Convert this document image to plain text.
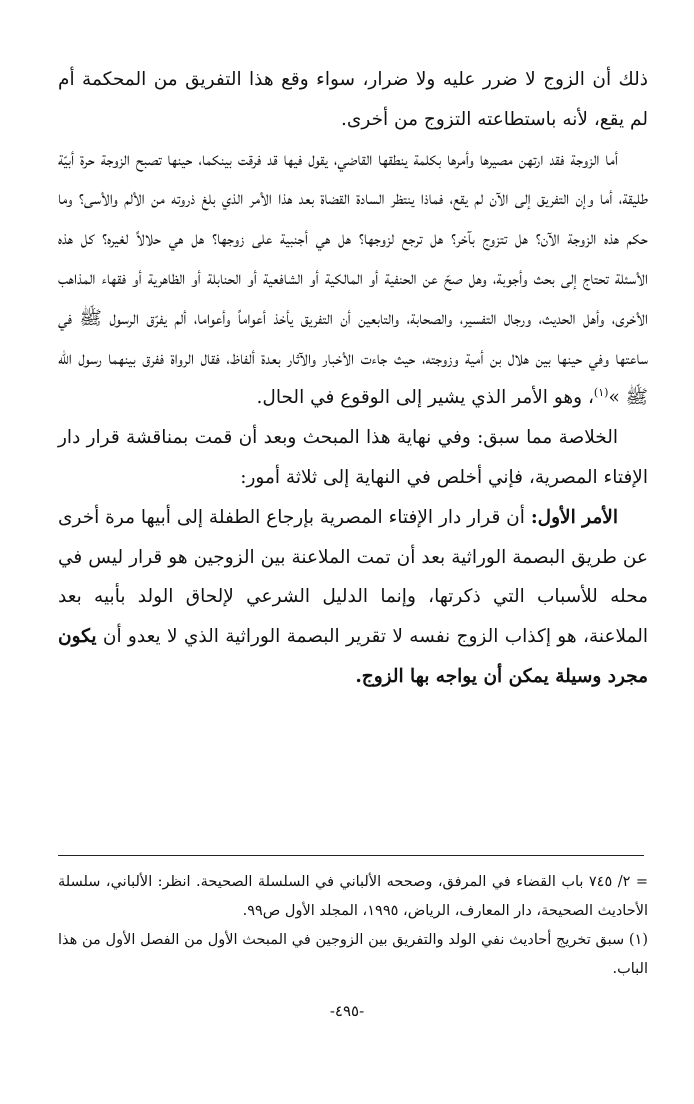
ذلك أن الزوج لا ضرر عليه ولا ضرار، سواء وقع هذا التفريق من المحكمة أم لم يقع، لأنه باستطاعته التزوج من أخرى.

أما الزوجة فقد ارتهن مصيرها وأمرها بكلمة ينطقها القاضي، يقول فيها قد فرقت بينكما، حينها تصبح الزوجة حرة أبيّة طليقة، أما وإن التفريق إلى الآن لم يقع، فماذا ينتظر السادة القضاة بعد هذا الأمر الذي بلغ ذروته من الألم والأسى؟ وما حكم هذه الزوجة الآن؟ هل تتزوج بآخر؟ هل ترجع لزوجها؟ هل هي أجنبية على زوجها؟ هل هي حلالاً لغيره؟ كل هذه الأسئلة تحتاج إلى بحث وأجوبة، وهل صحّ عن الحنفية أو المالكية أو الشافعية أو الحنابلة أو الظاهرية أو فقهاء المذاهب الأخرى، وأهل الحديث، ورجال التفسير، والصحابة، والتابعين أن التفريق يأخذ أعواماً وأعواما، ألم يفرّق الرسول ﷺ في ساعتها وفي حينها بين هلال بن أمية وزوجته، حيث جاءت الأخبار والآثار بعدة ألفاظ، فقال الرواة ففرق بينهما رسول الله ﷺ »$^{(١)}$، وهو الأمر الذي يشير إلى الوقوع في الحال.

الخلاصة مما سبق: وفي نهاية هذا المبحث وبعد أن قمت بمناقشة قرار دار الإفتاء المصرية، فإني أخلص في النهاية إلى ثلاثة أمور:

الأمر الأول: أن قرار دار الإفتاء المصرية بإرجاع الطفلة إلى أبيها مرة أخرى عن طريق البصمة الوراثية بعد أن تمت الملاعنة بين الزوجين هو قرار ليس في محله للأسباب التي ذكرتها، وإنما الدليل الشرعي لإلحاق الولد بأبيه بعد الملاعنة، هو إكذاب الزوج نفسه لا تقرير البصمة الوراثية الذي لا يعدو أن يكون مجرد وسيلة يمكن أن يواجه بها الزوج.

= ٢/ ٧٤٥ باب القضاء في المرفق، وصححه الألباني في السلسلة الصحيحة. انظر: الألباني، سلسلة الأحاديث الصحيحة، دار المعارف، الرياض، ١٩٩٥، المجلد الأول ص٩٩.

(١) سبق تخريج أحاديث نفي الولد والتفريق بين الزوجين في المبحث الأول من الفصل الأول من هذا الباب.

-٤٩٥-
